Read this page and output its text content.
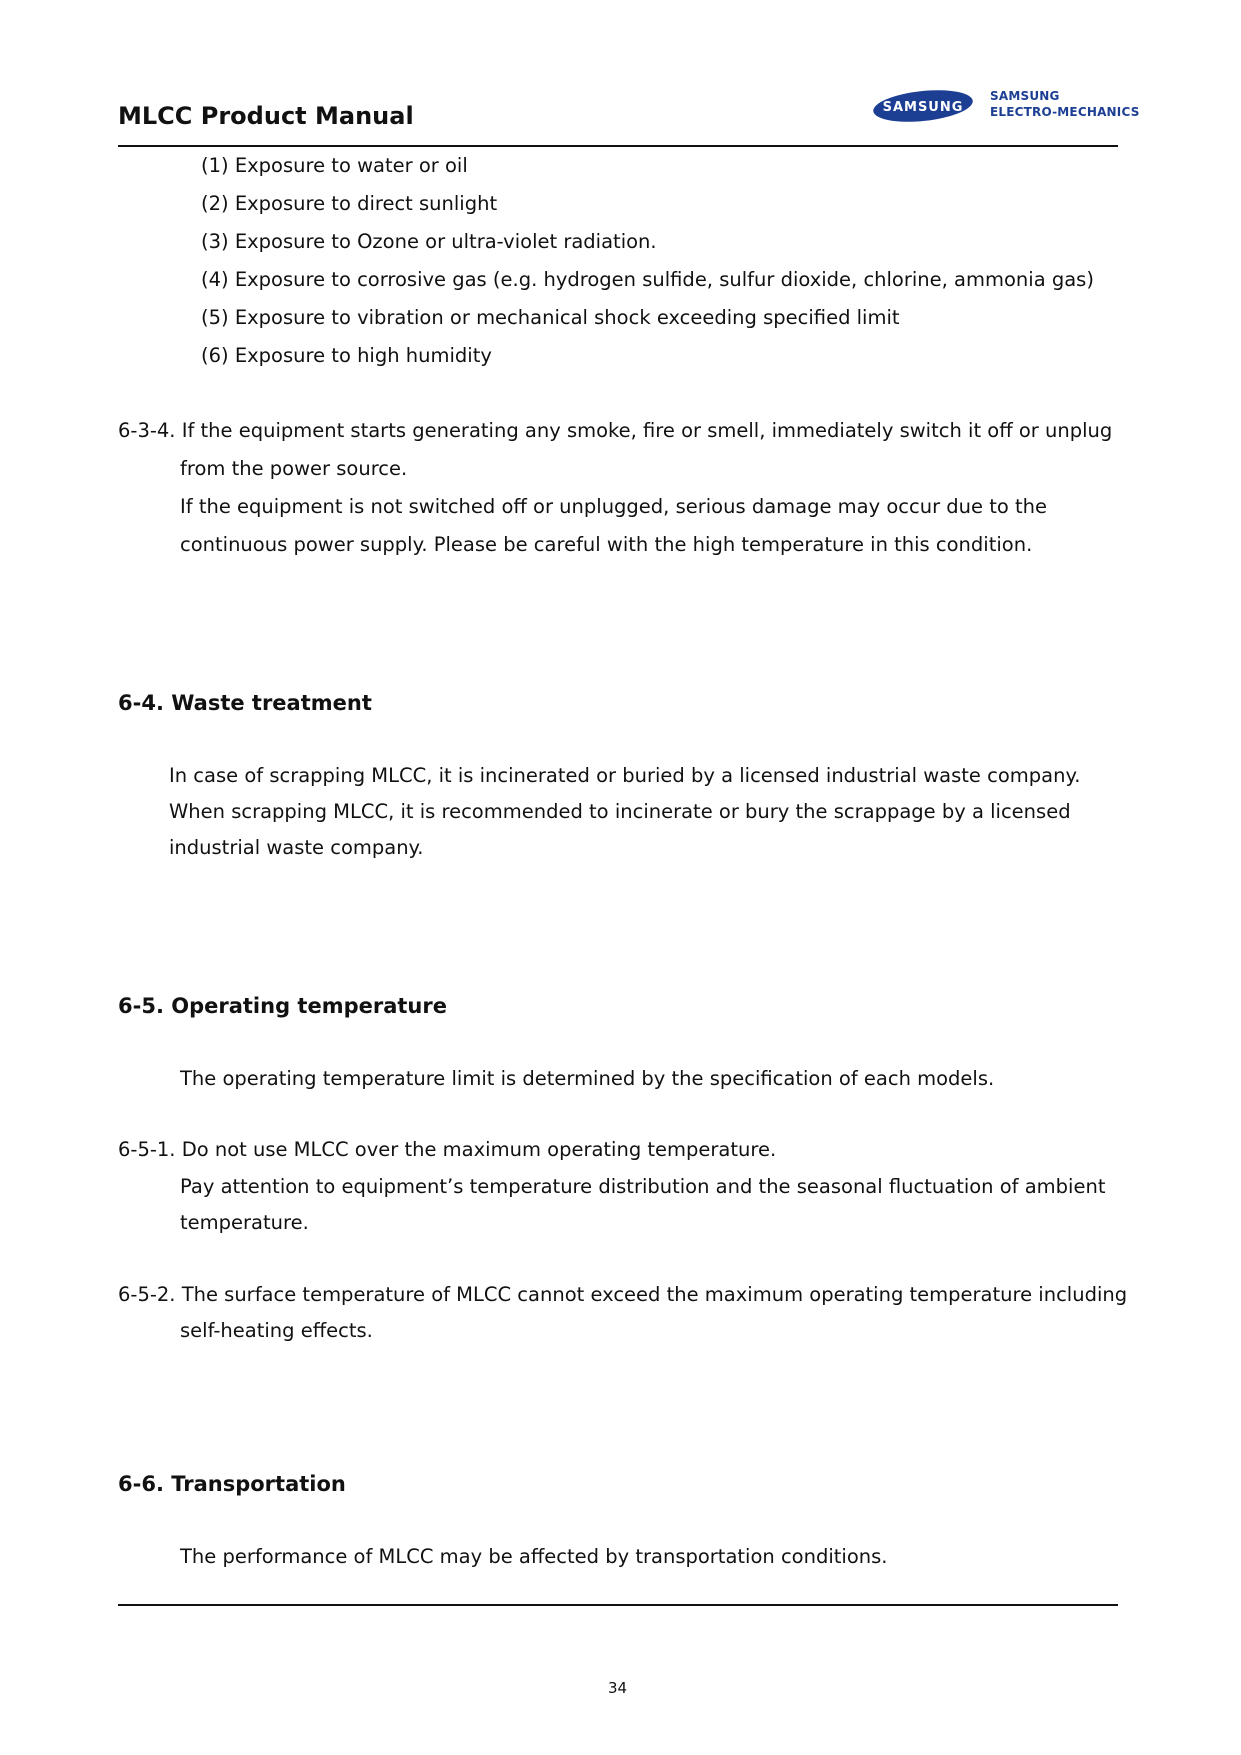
MLCC Product Manual	SAMSUNG
SAMSUNG
ELECTRO-MECHANICS
(1) Exposure to water or oil
(2) Exposure to direct sunlight
(3) Exposure to Ozone or ultra-violet radiation.
(4) Exposure to corrosive gas (e.g. hydrogen sulfide, sulfur dioxide, chlorine, ammonia gas)
(5) Exposure to vibration or mechanical shock exceeding specified limit
(6) Exposure to high humidity
6-3-4. If the equipment starts generating any smoke, fire or smell, immediately switch it off or unplug
from the power source.
If the equipment is not switched off or unplugged, serious damage may occur due to the
continuous power supply. Please be careful with the high temperature in this condition.
6-4. Waste treatment
In case of scrapping MLCC, it is incinerated or buried by a licensed industrial waste company.
When scrapping MLCC, it is recommended to incinerate or bury the scrappage by a licensed
industrial waste company.
6-5. Operating temperature
The operating temperature limit is determined by the specification of each models.
6-5-1. Do not use MLCC over the maximum operating temperature.
Pay attention to equipment’s temperature distribution and the seasonal fluctuation of ambient
temperature.
6-5-2. The surface temperature of MLCC cannot exceed the maximum operating temperature including
self-heating effects.
6-6. Transportation
The performance of MLCC may be affected by transportation conditions.
34
